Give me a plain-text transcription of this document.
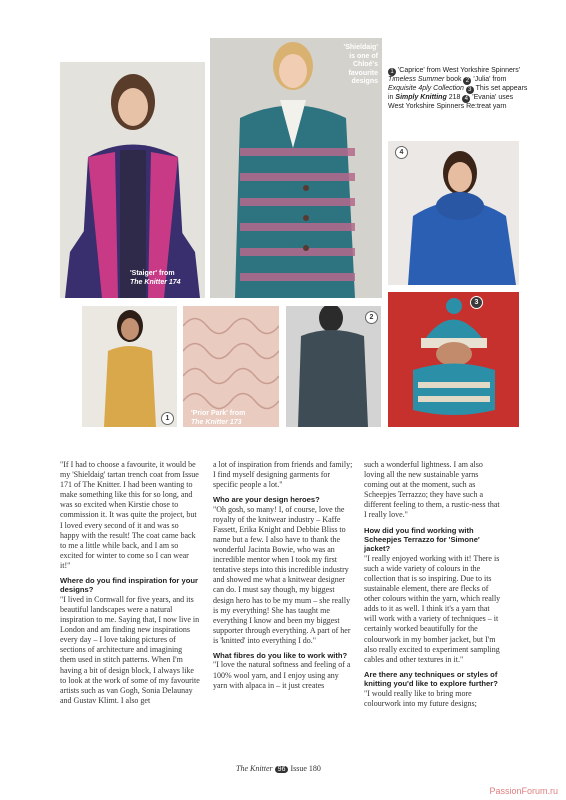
'Staiger' from
The Knitter 174
'Shieldaig' is one of Chloé's favourite designs
1 'Caprice' from West Yorkshire Spinners' Timeless Summer book 2 'Julia' from Exquisite 4ply Collection 3 This set appears in Simply Knitting 218 4 'Evania' uses West Yorkshire Spinners Re:treat yarn
4
1
'Prior Park' from
The Knitter 173
2
3

"If I had to choose a favourite, it would be my 'Shieldaig' tartan trench coat from Issue 171 of The Knitter. I had been wanting to make something like this for so long, and was so excited when Kirstie chose to commission it. It was quite the project, but I loved every second of it and was so happy with the result! The coat came back to me a little while back, and I am so excited for winter to come so I can wear it!"

Where do you find inspiration for your designs?

"I lived in Cornwall for five years, and its beautiful landscapes were a natural inspiration to me. Saying that, I now live in London and am finding new inspirations every day – I love taking pictures of sections of architecture and imagining them used in stitch patterns. When I'm having a bit of design block, I always like to look at the work of some of my favourite artists such as van Gogh, Sonia Delaunay and Gustav Klimt. I also get

a lot of inspiration from friends and family; I find myself designing garments for specific people a lot."

Who are your design heroes?

"Oh gosh, so many! I, of course, love the royalty of the knitwear industry – Kaffe Fassett, Erika Knight and Debbie Bliss to name but a few. I also have to thank the wonderful Jacinta Bowie, who was an incredible mentor when I took my first tentative steps into this incredible industry and showed me what a knitwear designer can do. I must say though, my biggest design hero has to be my mum – she really is my everything! She has taught me everything I know and been my biggest supporter through everything. A part of her is 'knitted' into everything I do."

What fibres do you like to work with?

"I love the natural softness and feeling of a 100% wool yarn, and I enjoy using any yarn with alpaca in – it just creates

such a wonderful lightness. I am also loving all the new sustainable yarns coming out at the moment, such as Scheepjes Terrazzo; they have such a different feeling to them, a rustic-ness that I really love."

How did you find working with Scheepjes Terrazzo for 'Simone' jacket?

"I really enjoyed working with it! There is such a wide variety of colours in the collection that is so inspiring. Due to its sustainable element, there are flecks of other colours within the yarn, which really adds to it as well. I think it's a yarn that will work with a variety of techniques – it certainly worked beautifully for the colourwork in my bomber jacket, but I'm also really excited to experiment sampling cables and other textures in it."

Are there any techniques or styles of knitting you'd like to explore further?

"I would really like to bring more colourwork into my future designs;

The Knitter 96 Issue 180
PassionForum.ru
